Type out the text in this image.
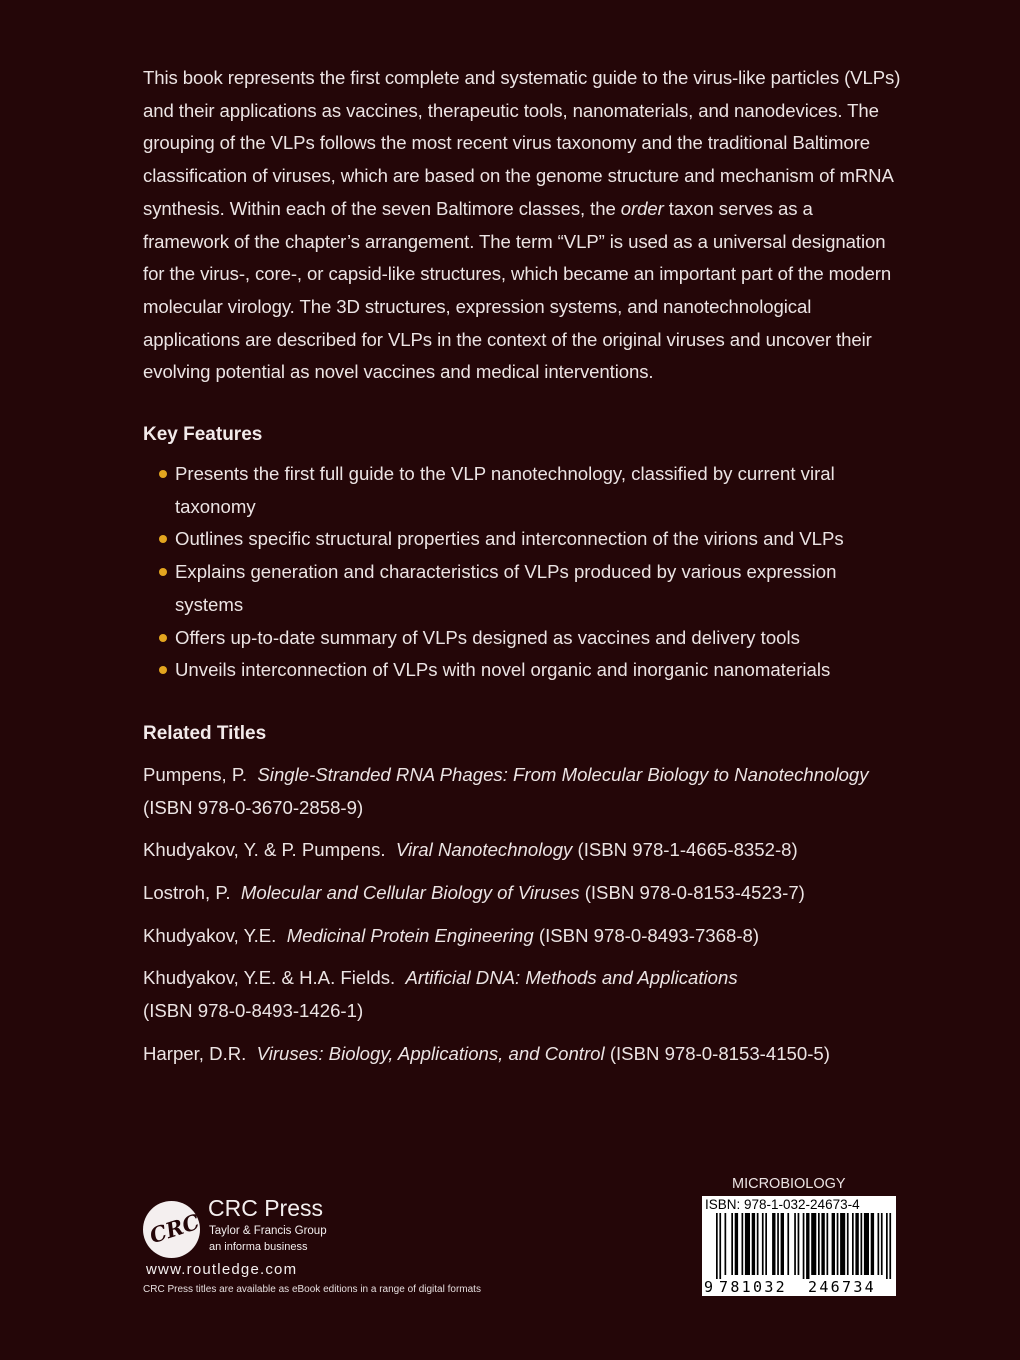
This book represents the first complete and systematic guide to the virus-like particles (VLPs) and their applications as vaccines, therapeutic tools, nanomaterials, and nanodevices. The grouping of the VLPs follows the most recent virus taxonomy and the traditional Baltimore classification of viruses, which are based on the genome structure and mechanism of mRNA synthesis. Within each of the seven Baltimore classes, the order taxon serves as a framework of the chapter’s arrangement. The term “VLP” is used as a universal designation for the virus-, core-, or capsid-like structures, which became an important part of the modern molecular virology. The 3D structures, expression systems, and nanotechnological applications are described for VLPs in the context of the original viruses and uncover their evolving potential as novel vaccines and medical interventions.

Key Features
Presents the first full guide to the VLP nanotechnology, classified by current viral taxonomy
Outlines specific structural properties and interconnection of the virions and VLPs
Explains generation and characteristics of VLPs produced by various expression systems
Offers up-to-date summary of VLPs designed as vaccines and delivery tools
Unveils interconnection of VLPs with novel organic and inorganic nanomaterials
Related Titles

Pumpens, P. Single-Stranded RNA Phages: From Molecular Biology to Nanotechnology
(ISBN 978-0-3670-2858-9)

Khudyakov, Y. & P. Pumpens. Viral Nanotechnology (ISBN 978-1-4665-8352-8)

Lostroh, P. Molecular and Cellular Biology of Viruses (ISBN 978-0-8153-4523-7)

Khudyakov, Y.E. Medicinal Protein Engineering (ISBN 978-0-8493-7368-8)

Khudyakov, Y.E. & H.A. Fields. Artificial DNA: Methods and Applications
(ISBN 978-0-8493-1426-1)

Harper, D.R. Viruses: Biology, Applications, and Control (ISBN 978-0-8153-4150-5)

CRC
CRC Press
Taylor & Francis Group
an informa business
www.routledge.com
CRC Press titles are available as eBook editions in a range of digital formats
MICROBIOLOGY
ISBN: 978-1-032-24673-4
9 781032 246734
